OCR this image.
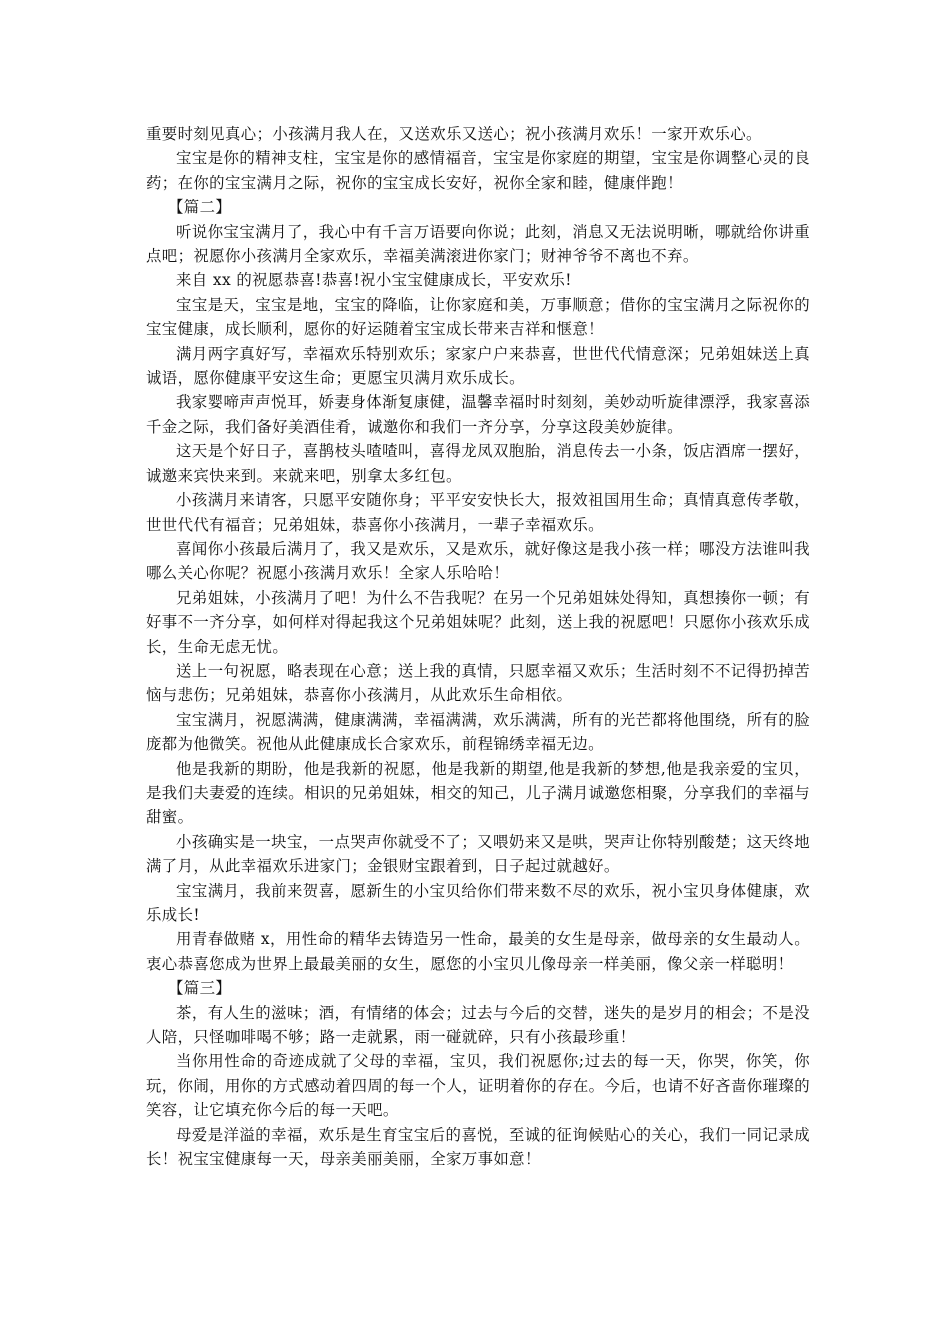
重要时刻见真心；小孩满月我人在，又送欢乐又送心；祝小孩满月欢乐！一家开欢乐心。

宝宝是你的精神支柱，宝宝是你的感情福音，宝宝是你家庭的期望，宝宝是你调整心灵的良药；在你的宝宝满月之际，祝你的宝宝成长安好，祝你全家和睦，健康伴跑！

【篇二】

听说你宝宝满月了，我心中有千言万语要向你说；此刻，消息又无法说明晰，哪就给你讲重点吧；祝愿你小孩满月全家欢乐，幸福美满滚进你家门；财神爷爷不离也不弃。

来自 xx 的祝愿恭喜!恭喜!祝小宝宝健康成长，平安欢乐!

宝宝是天，宝宝是地，宝宝的降临，让你家庭和美，万事顺意；借你的宝宝满月之际祝你的宝宝健康，成长顺利，愿你的好运随着宝宝成长带来吉祥和惬意！

满月两字真好写，幸福欢乐特别欢乐；家家户户来恭喜，世世代代情意深；兄弟姐妹送上真诚语，愿你健康平安这生命；更愿宝贝满月欢乐成长。

我家婴啼声声悦耳，娇妻身体渐复康健，温馨幸福时时刻刻，美妙动听旋律漂浮，我家喜添千金之际，我们备好美酒佳肴，诚邀你和我们一齐分享，分享这段美妙旋律。

这天是个好日子，喜鹊枝头喳喳叫，喜得龙凤双胞胎，消息传去一小条，饭店酒席一摆好，诚邀来宾快来到。来就来吧，别拿太多红包。

小孩满月来请客，只愿平安随你身；平平安安快长大，报效祖国用生命；真情真意传孝敬，世世代代有福音；兄弟姐妹，恭喜你小孩满月，一辈子幸福欢乐。

喜闻你小孩最后满月了，我又是欢乐，又是欢乐，就好像这是我小孩一样；哪没方法谁叫我哪么关心你呢？祝愿小孩满月欢乐！全家人乐哈哈！

兄弟姐妹，小孩满月了吧！为什么不告我呢？在另一个兄弟姐妹处得知，真想揍你一顿；有好事不一齐分享，如何样对得起我这个兄弟姐妹呢？此刻，送上我的祝愿吧！只愿你小孩欢乐成长，生命无虑无忧。

送上一句祝愿，略表现在心意；送上我的真情，只愿幸福又欢乐；生活时刻不不记得扔掉苦恼与悲伤；兄弟姐妹，恭喜你小孩满月，从此欢乐生命相依。

宝宝满月，祝愿满满，健康满满，幸福满满，欢乐满满，所有的光芒都将他围绕，所有的脸庞都为他微笑。祝他从此健康成长合家欢乐，前程锦绣幸福无边。

他是我新的期盼，他是我新的祝愿，他是我新的期望,他是我新的梦想,他是我亲爱的宝贝，是我们夫妻爱的连续。相识的兄弟姐妹，相交的知己，儿子满月诚邀您相聚，分享我们的幸福与甜蜜。

小孩确实是一块宝，一点哭声你就受不了；又喂奶来又是哄，哭声让你特别酸楚；这天终地满了月，从此幸福欢乐进家门；金银财宝跟着到，日子起过就越好。

宝宝满月，我前来贺喜，愿新生的小宝贝给你们带来数不尽的欢乐，祝小宝贝身体健康，欢乐成长!

用青春做赌 x，用性命的精华去铸造另一性命，最美的女生是母亲，做母亲的女生最动人。衷心恭喜您成为世界上最最美丽的女生，愿您的小宝贝儿像母亲一样美丽，像父亲一样聪明！

【篇三】

茶，有人生的滋味；酒，有情绪的体会；过去与今后的交替，迷失的是岁月的相会；不是没人陪，只怪咖啡喝不够；路一走就累，雨一碰就碎，只有小孩最珍重！

当你用性命的奇迹成就了父母的幸福，宝贝，我们祝愿你;过去的每一天，你哭，你笑，你玩，你闹，用你的方式感动着四周的每一个人，证明着你的存在。今后，也请不好吝啬你璀璨的笑容，让它填充你今后的每一天吧。

母爱是洋溢的幸福，欢乐是生育宝宝后的喜悦，至诚的征询候贴心的关心，我们一同记录成长！祝宝宝健康每一天，母亲美丽美丽，全家万事如意！
